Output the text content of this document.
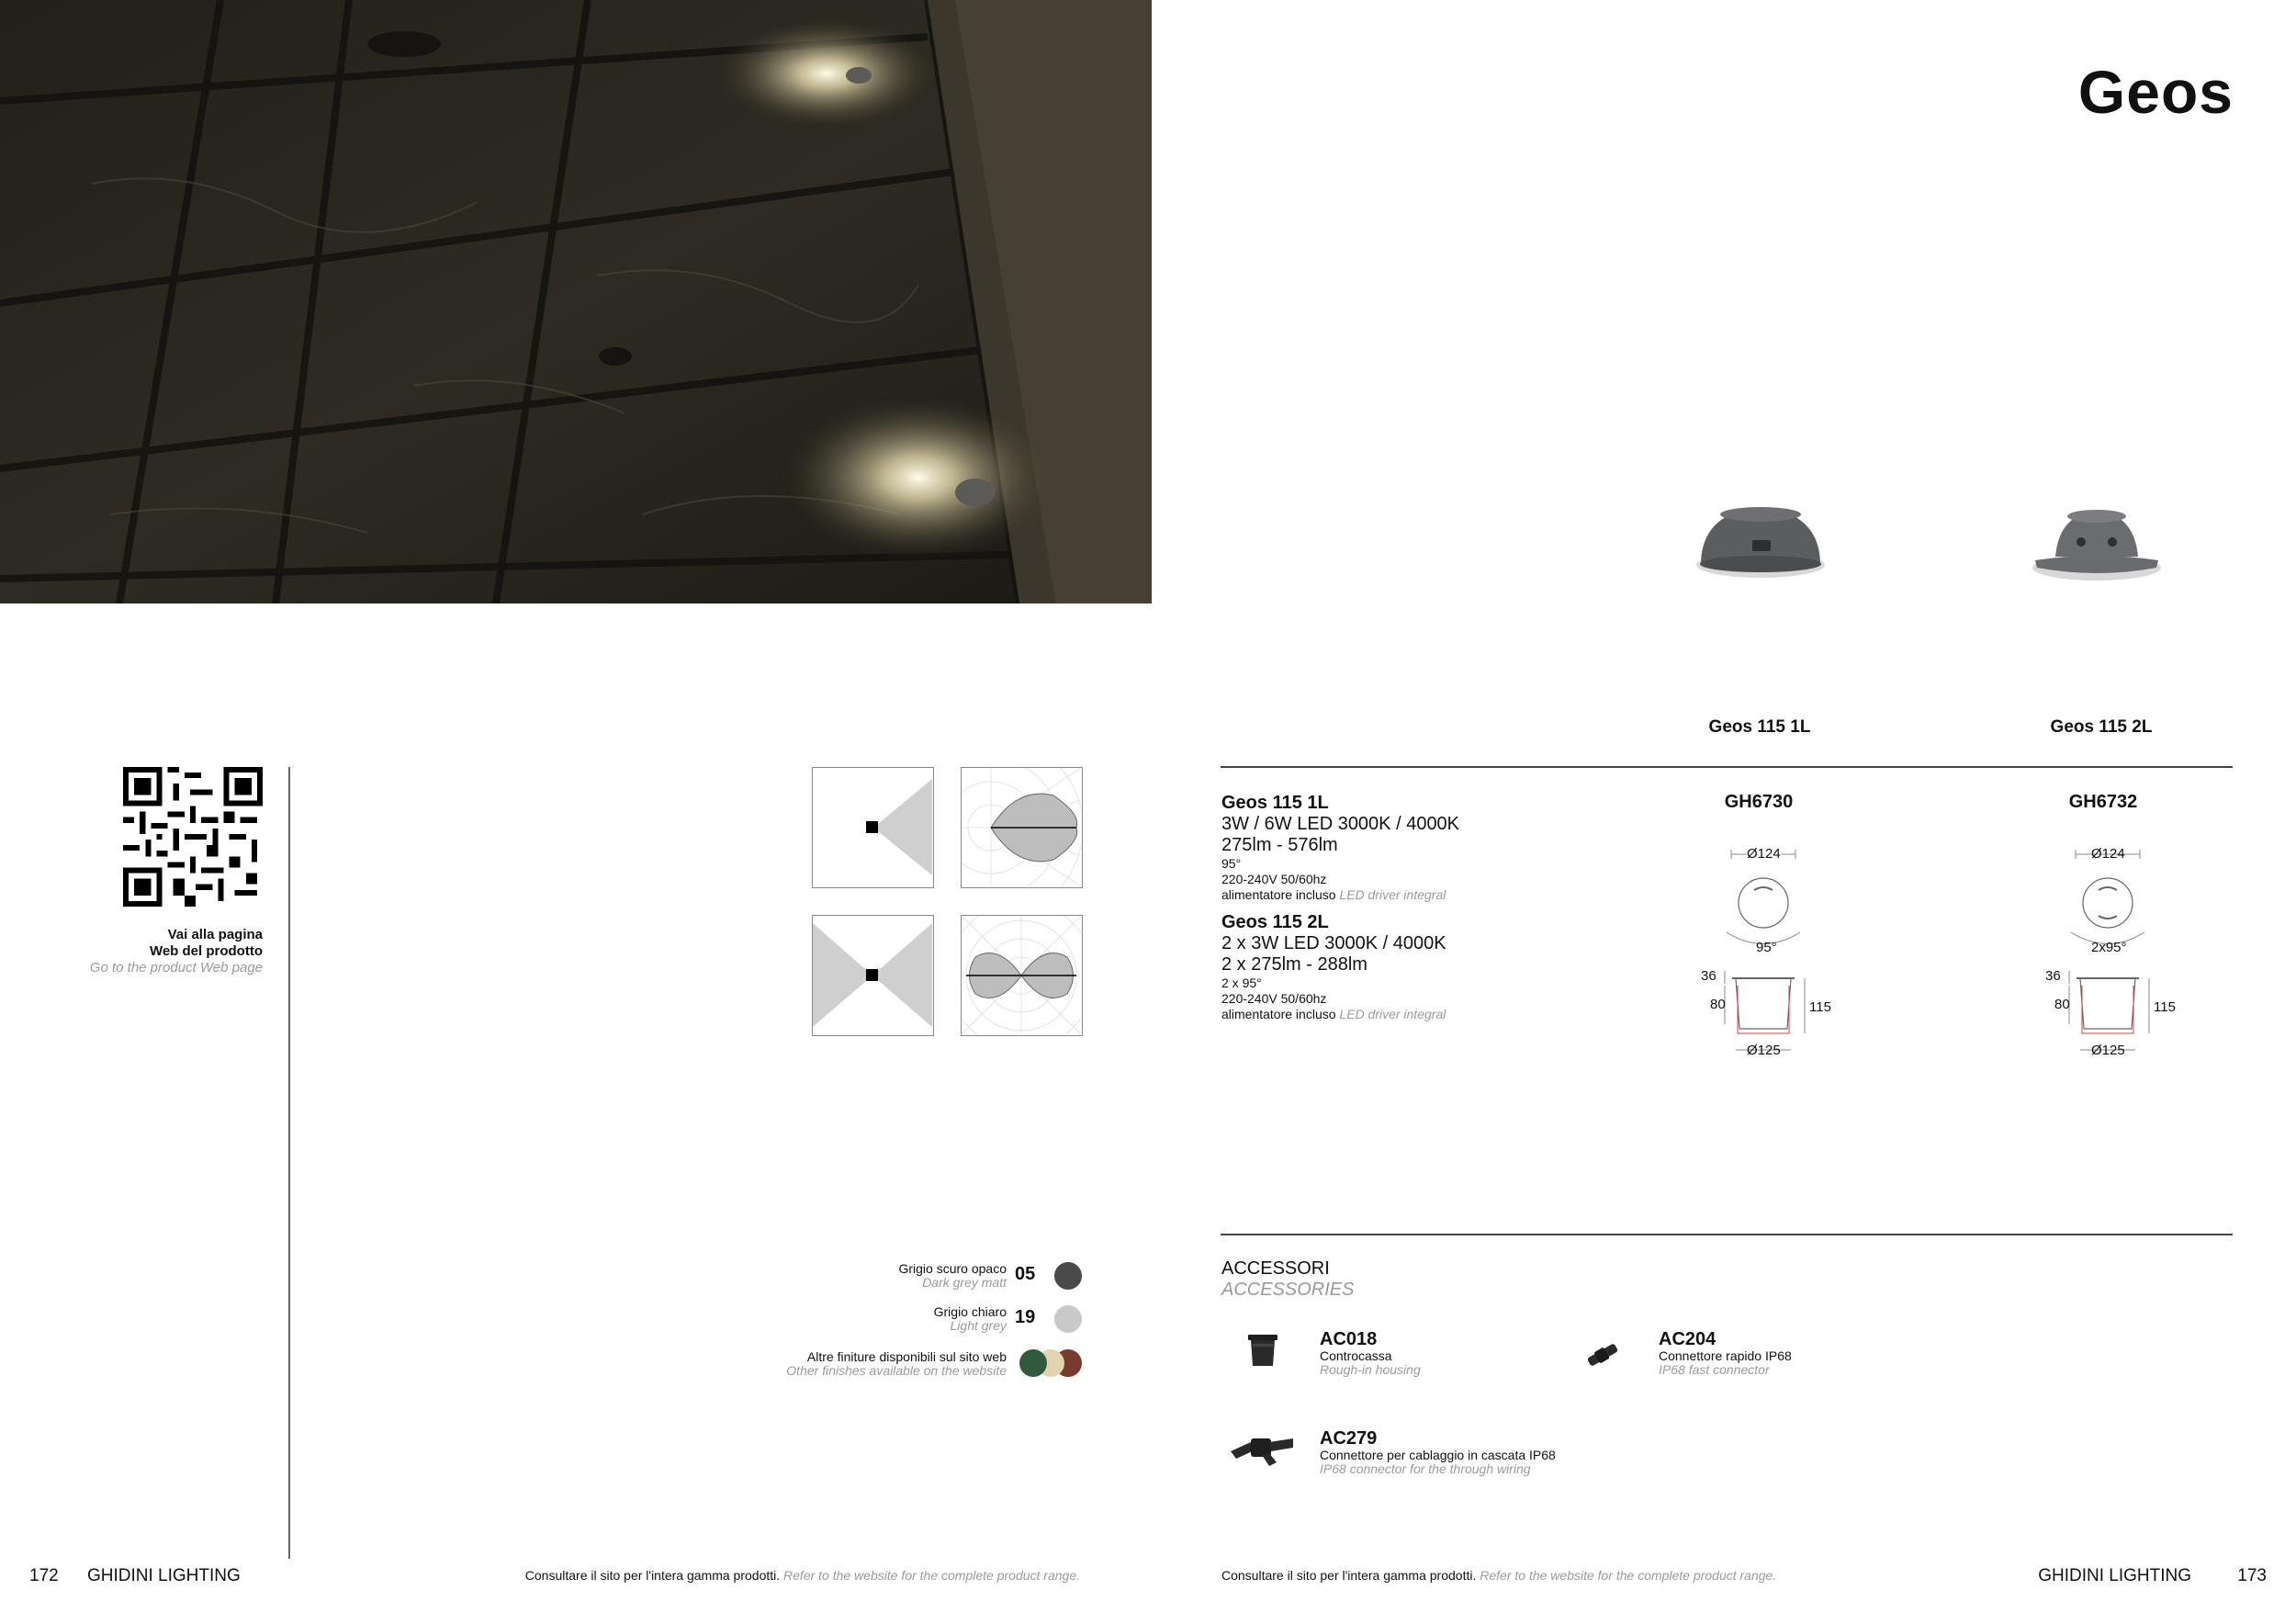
Geos
Geos 115 1L	Geos 115 2L
Geos 115 1L
3W / 6W LED 3000K / 4000K
275lm - 576lm
95°
220-240V 50/60hz
alimentatore incluso LED driver integral
Geos 115 2L
2 x 3W LED 3000K / 4000K
2 x 275lm - 288lm
2 x 95°
220-240V 50/60hz
alimentatore incluso LED driver integral
GH6730	GH6732
Ø124
95°
36
80	115
Ø125
Ø124
2x95°
36
80	115
Ø125
Vai alla pagina
Web del prodotto
Go to the product Web page
Grigio scuro opaco
Dark grey matt 05
Grigio chiaro
Light grey 19
Altre finiture disponibili sul sito web
Other finishes available on the website
ACCESSORI
ACCESSORIES
AC018
Controcassa
Rough-in housing
AC204
Connettore rapido IP68
IP68 fast connector
AC279
Connettore per cablaggio in cascata IP68
IP68 connector for the through wiring
172 GHIDINI LIGHTING	Consultare il sito per l'intera gamma prodotti. Refer to the website for the complete product range.	Consultare il sito per l'intera gamma prodotti. Refer to the website for the complete product range.	GHIDINI LIGHTING	173
